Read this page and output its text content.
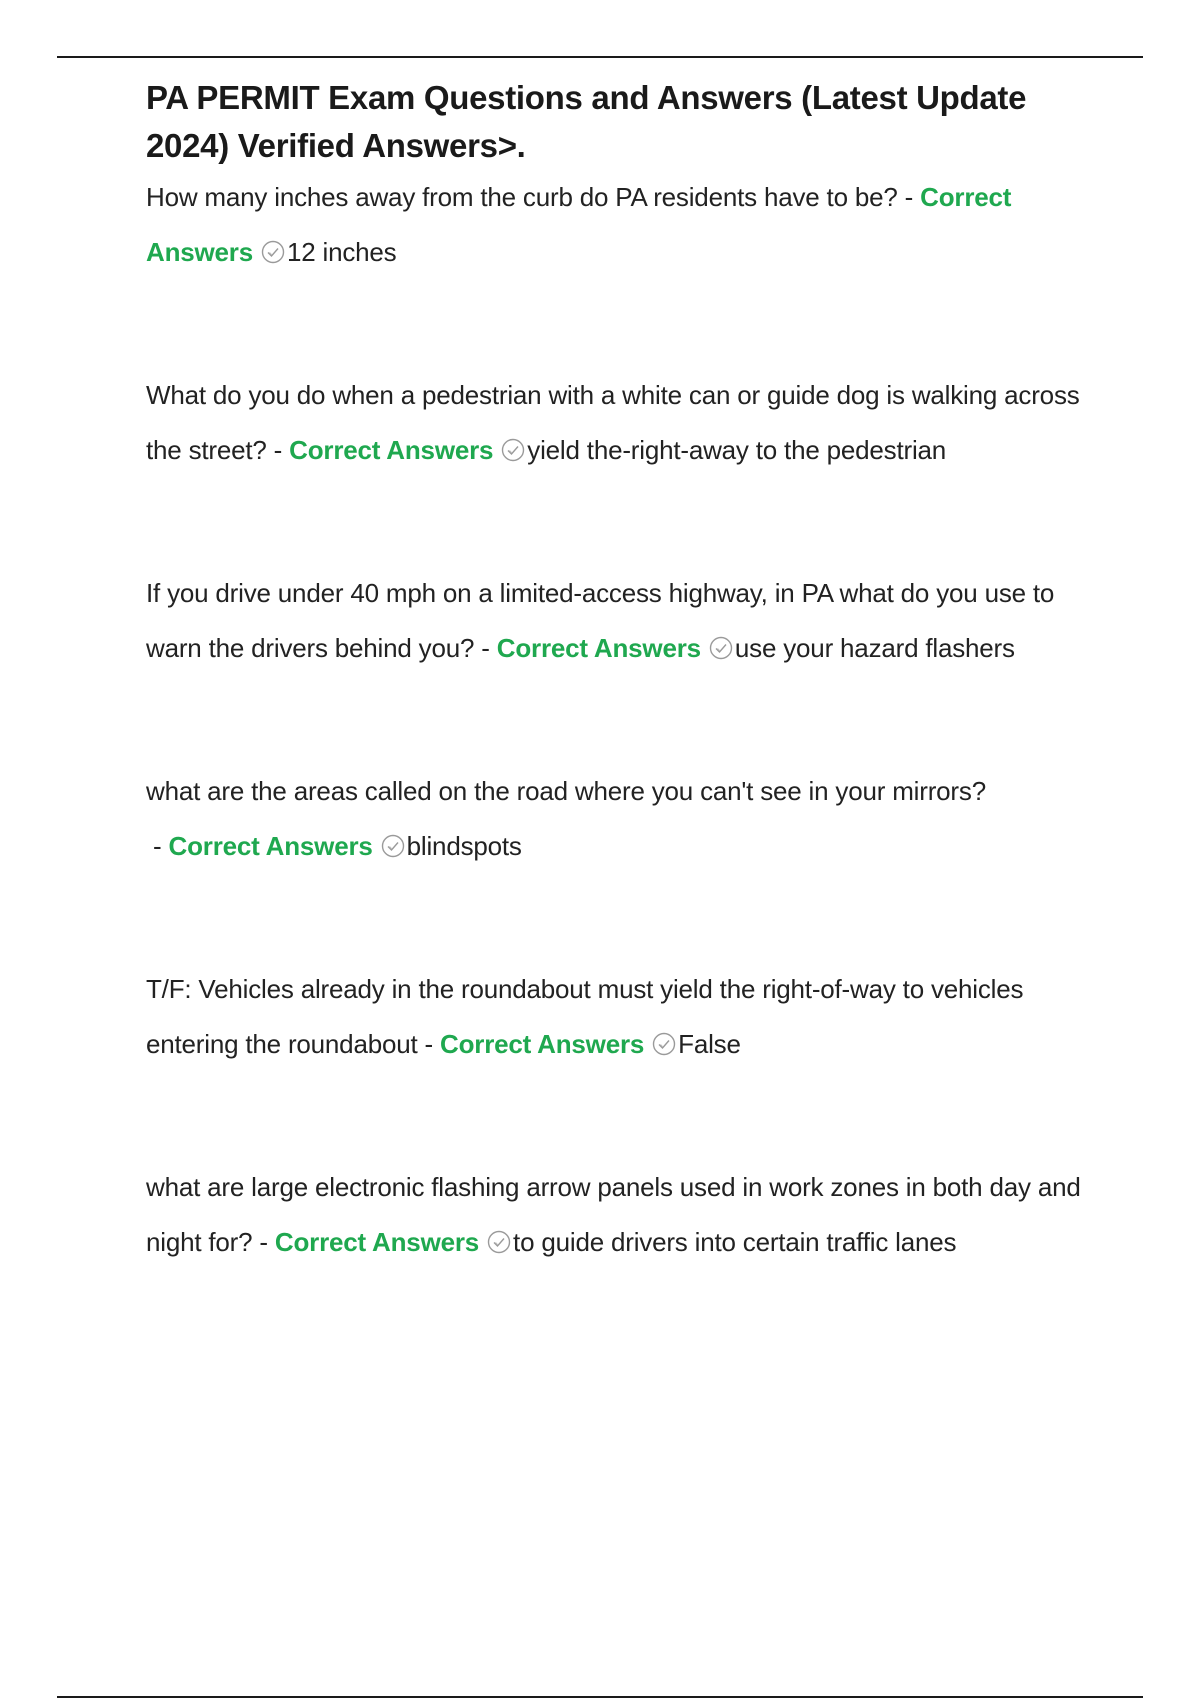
PA PERMIT Exam Questions and Answers (Latest Update 2024) Verified Answers>.

How many inches away from the curb do PA residents have to be? - Correct Answers 12 inches

What do you do when a pedestrian with a white can or guide dog is walking across the street? - Correct Answers yield the-right-away to the pedestrian

If you drive under 40 mph on a limited-access highway, in PA what do you use to warn the drivers behind you? - Correct Answers use your hazard flashers

what are the areas called on the road where you can't see in your mirrors? - Correct Answers blindspots

T/F: Vehicles already in the roundabout must yield the right-of-way to vehicles entering the roundabout - Correct Answers False

what are large electronic flashing arrow panels used in work zones in both day and night for? - Correct Answers to guide drivers into certain traffic lanes
